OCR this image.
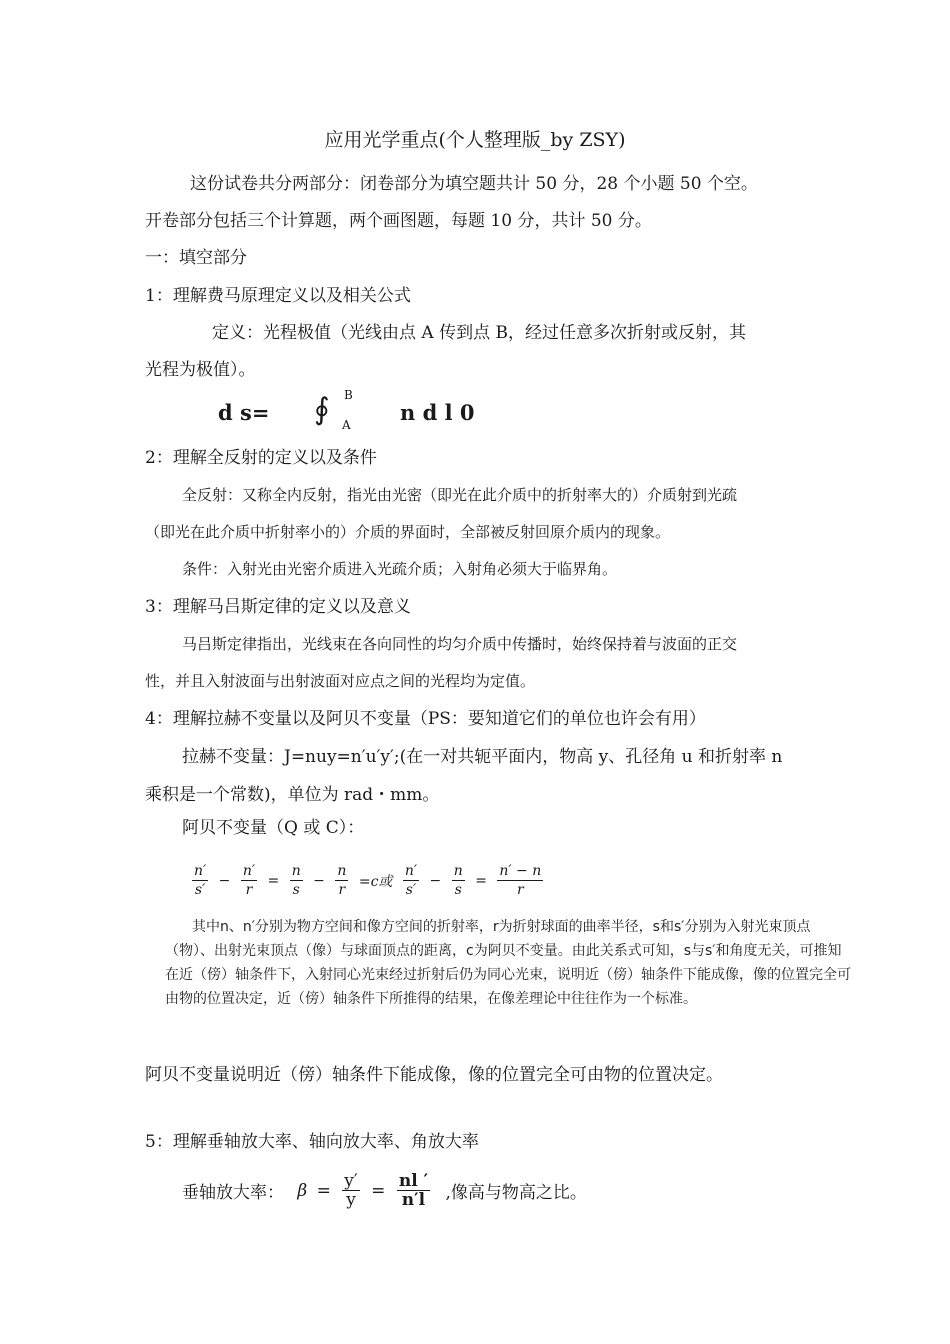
应用光学重点(个人整理版_by ZSY)
这份试卷共分两部分：闭卷部分为填空题共计 50 分，28 个小题 50 个空。
开卷部分包括三个计算题，两个画图题，每题 10 分，共计 50 分。
一：填空部分
1：理解费马原理定义以及相关公式
定义：光程极值（光线由点 A 传到点 B，经过任意多次折射或反射，其
光程为极值）。
d s= ∮ B
A n d l 0
2：理解全反射的定义以及条件
全反射：又称全内反射，指光由光密（即光在此介质中的折射率大的）介质射到光疏
（即光在此介质中折射率小的）介质的界面时，全部被反射回原介质内的现象。
条件：入射光由光密介质进入光疏介质；入射角必须大于临界角。
3：理解马吕斯定律的定义以及意义
马吕斯定律指出，光线束在各向同性的均匀介质中传播时，始终保持着与波面的正交
性，并且入射波面与出射波面对应点之间的光程均为定值。
4：理解拉赫不变量以及阿贝不变量（PS：要知道它们的单位也许会有用）
拉赫不变量：J=nuy=n′u′y′;(在一对共轭平面内，物高 y、孔径角 u 和折射率 n
乘积是一个常数)，单位为 rad・mm。
阿贝不变量（Q 或 C）：
$\frac{n'}{s'} - \frac{n'}{r} = \frac{n}{s} - \frac{n}{r} =c$或 $\frac{n'}{s'} - \frac{n}{s} = \frac{n' - n}{r}$
其中n、n′分别为物方空间和像方空间的折射率，r为折射球面的曲率半径，s和s′分别为入射光束顶点
（物）、出射光束顶点（像）与球面顶点的距离，c为阿贝不变量。由此关系式可知，s与s′和角度无关，可推知
在近（傍）轴条件下，入射同心光束经过折射后仍为同心光束，说明近（傍）轴条件下能成像，像的位置完全可
由物的位置决定，近（傍）轴条件下所推得的结果，在像差理论中往往作为一个标准。
阿贝不变量说明近（傍）轴条件下能成像，像的位置完全可由物的位置决定。
5：理解垂轴放大率、轴向放大率、角放大率
垂轴放大率： $\beta = \frac{y'}{y} = \frac{nl '}{n'l}$ ,像高与物高之比。
